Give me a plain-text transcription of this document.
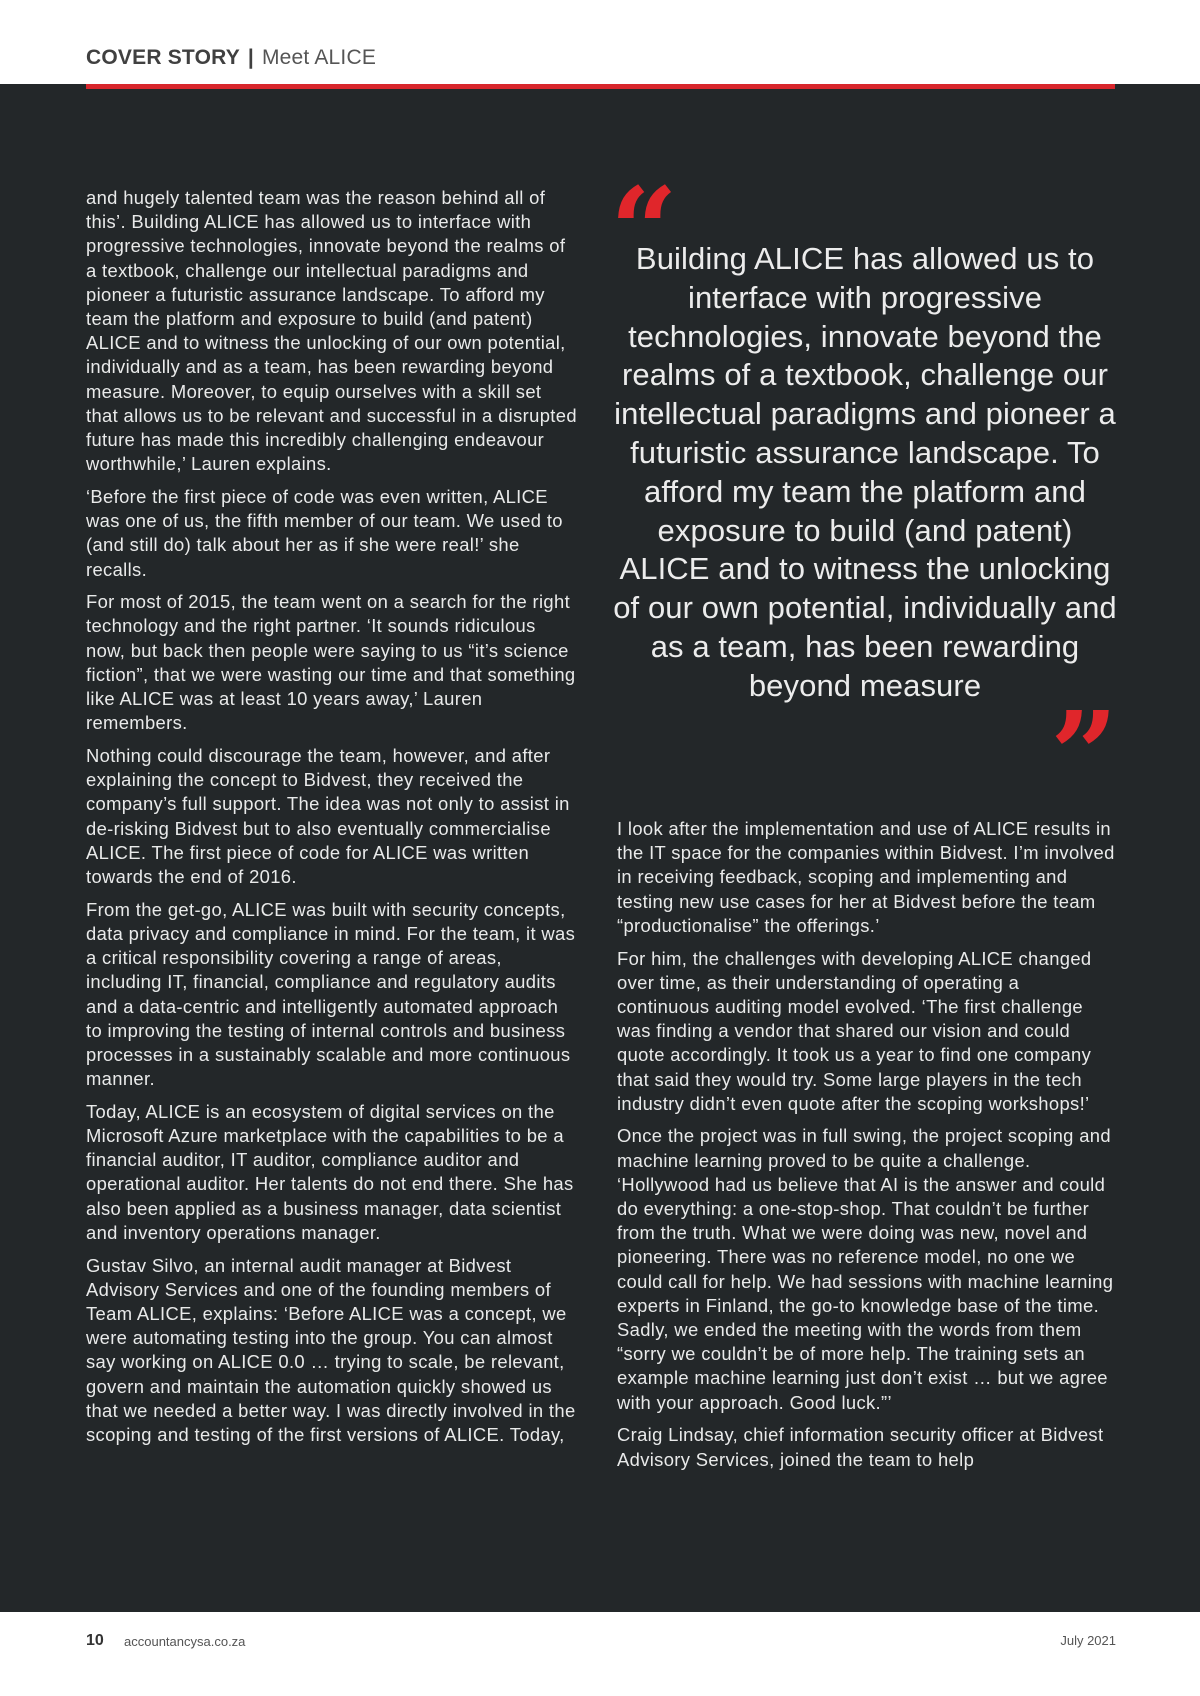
COVER STORY | Meet ALICE

and hugely talented team was the reason behind all of this’. Building ALICE has allowed us to interface with progressive technologies, innovate beyond the realms of a textbook, challenge our intellectual paradigms and pioneer a futuristic assurance landscape. To afford my team the platform and exposure to build (and patent) ALICE and to witness the unlocking of our own potential, individually and as a team, has been rewarding beyond measure. Moreover, to equip ourselves with a skill set that allows us to be relevant and successful in a disrupted future has made this incredibly challenging endeavour worthwhile,’ Lauren explains.

‘Before the first piece of code was even written, ALICE was one of us, the fifth member of our team. We used to (and still do) talk about her as if she were real!’ she recalls.

For most of 2015, the team went on a search for the right technology and the right partner. ‘It sounds ridiculous now, but back then people were saying to us “it’s science fiction”, that we were wasting our time and that something like ALICE was at least 10 years away,’ Lauren remembers.

Nothing could discourage the team, however, and after explaining the concept to Bidvest, they received the company’s full support. The idea was not only to assist in de-risking Bidvest but to also eventually commercialise ALICE. The first piece of code for ALICE was written towards the end of 2016.

From the get-go, ALICE was built with security concepts, data privacy and compliance in mind. For the team, it was a critical responsibility covering a range of areas, including IT, financial, compliance and regulatory audits and a data-centric and intelligently automated approach to improving the testing of internal controls and business processes in a sustainably scalable and more continuous manner.

Today, ALICE is an ecosystem of digital services on the Microsoft Azure marketplace with the capabilities to be a financial auditor, IT auditor, compliance auditor and operational auditor. Her talents do not end there. She has also been applied as a business manager, data scientist and inventory operations manager.

Gustav Silvo, an internal audit manager at Bidvest Advisory Services and one of the founding members of Team ALICE, explains: ‘Before ALICE was a concept, we were automating testing into the group. You can almost say working on ALICE 0.0 … trying to scale, be relevant, govern and maintain the automation quickly showed us that we needed a better way. I was directly involved in the scoping and testing of the first versions of ALICE. Today,

“
Building ALICE has allowed us to interface with progressive technologies, innovate beyond the realms of a textbook, challenge our intellectual paradigms and pioneer a futuristic assurance landscape. To afford my team the platform and exposure to build (and patent) ALICE and to witness the unlocking of our own potential, individually and as a team, has been rewarding beyond measure ”

I look after the implementation and use of ALICE results in the IT space for the companies within Bidvest. I’m involved in receiving feedback, scoping and implementing and testing new use cases for her at Bidvest before the team “productionalise” the offerings.’

For him, the challenges with developing ALICE changed over time, as their understanding of operating a continuous auditing model evolved. ‘The first challenge was finding a vendor that shared our vision and could quote accordingly. It took us a year to find one company that said they would try. Some large players in the tech industry didn’t even quote after the scoping workshops!’

Once the project was in full swing, the project scoping and machine learning proved to be quite a challenge. ‘Hollywood had us believe that AI is the answer and could do everything: a one-stop-shop. That couldn’t be further from the truth. What we were doing was new, novel and pioneering. There was no reference model, no one we could call for help. We had sessions with machine learning experts in Finland, the go-to knowledge base of the time. Sadly, we ended the meeting with the words from them “sorry we couldn’t be of more help. The training sets an example machine learning just don’t exist … but we agree with your approach. Good luck.”’

Craig Lindsay, chief information security officer at Bidvest Advisory Services, joined the team to help

10 accountancysa.co.za	July 2021
